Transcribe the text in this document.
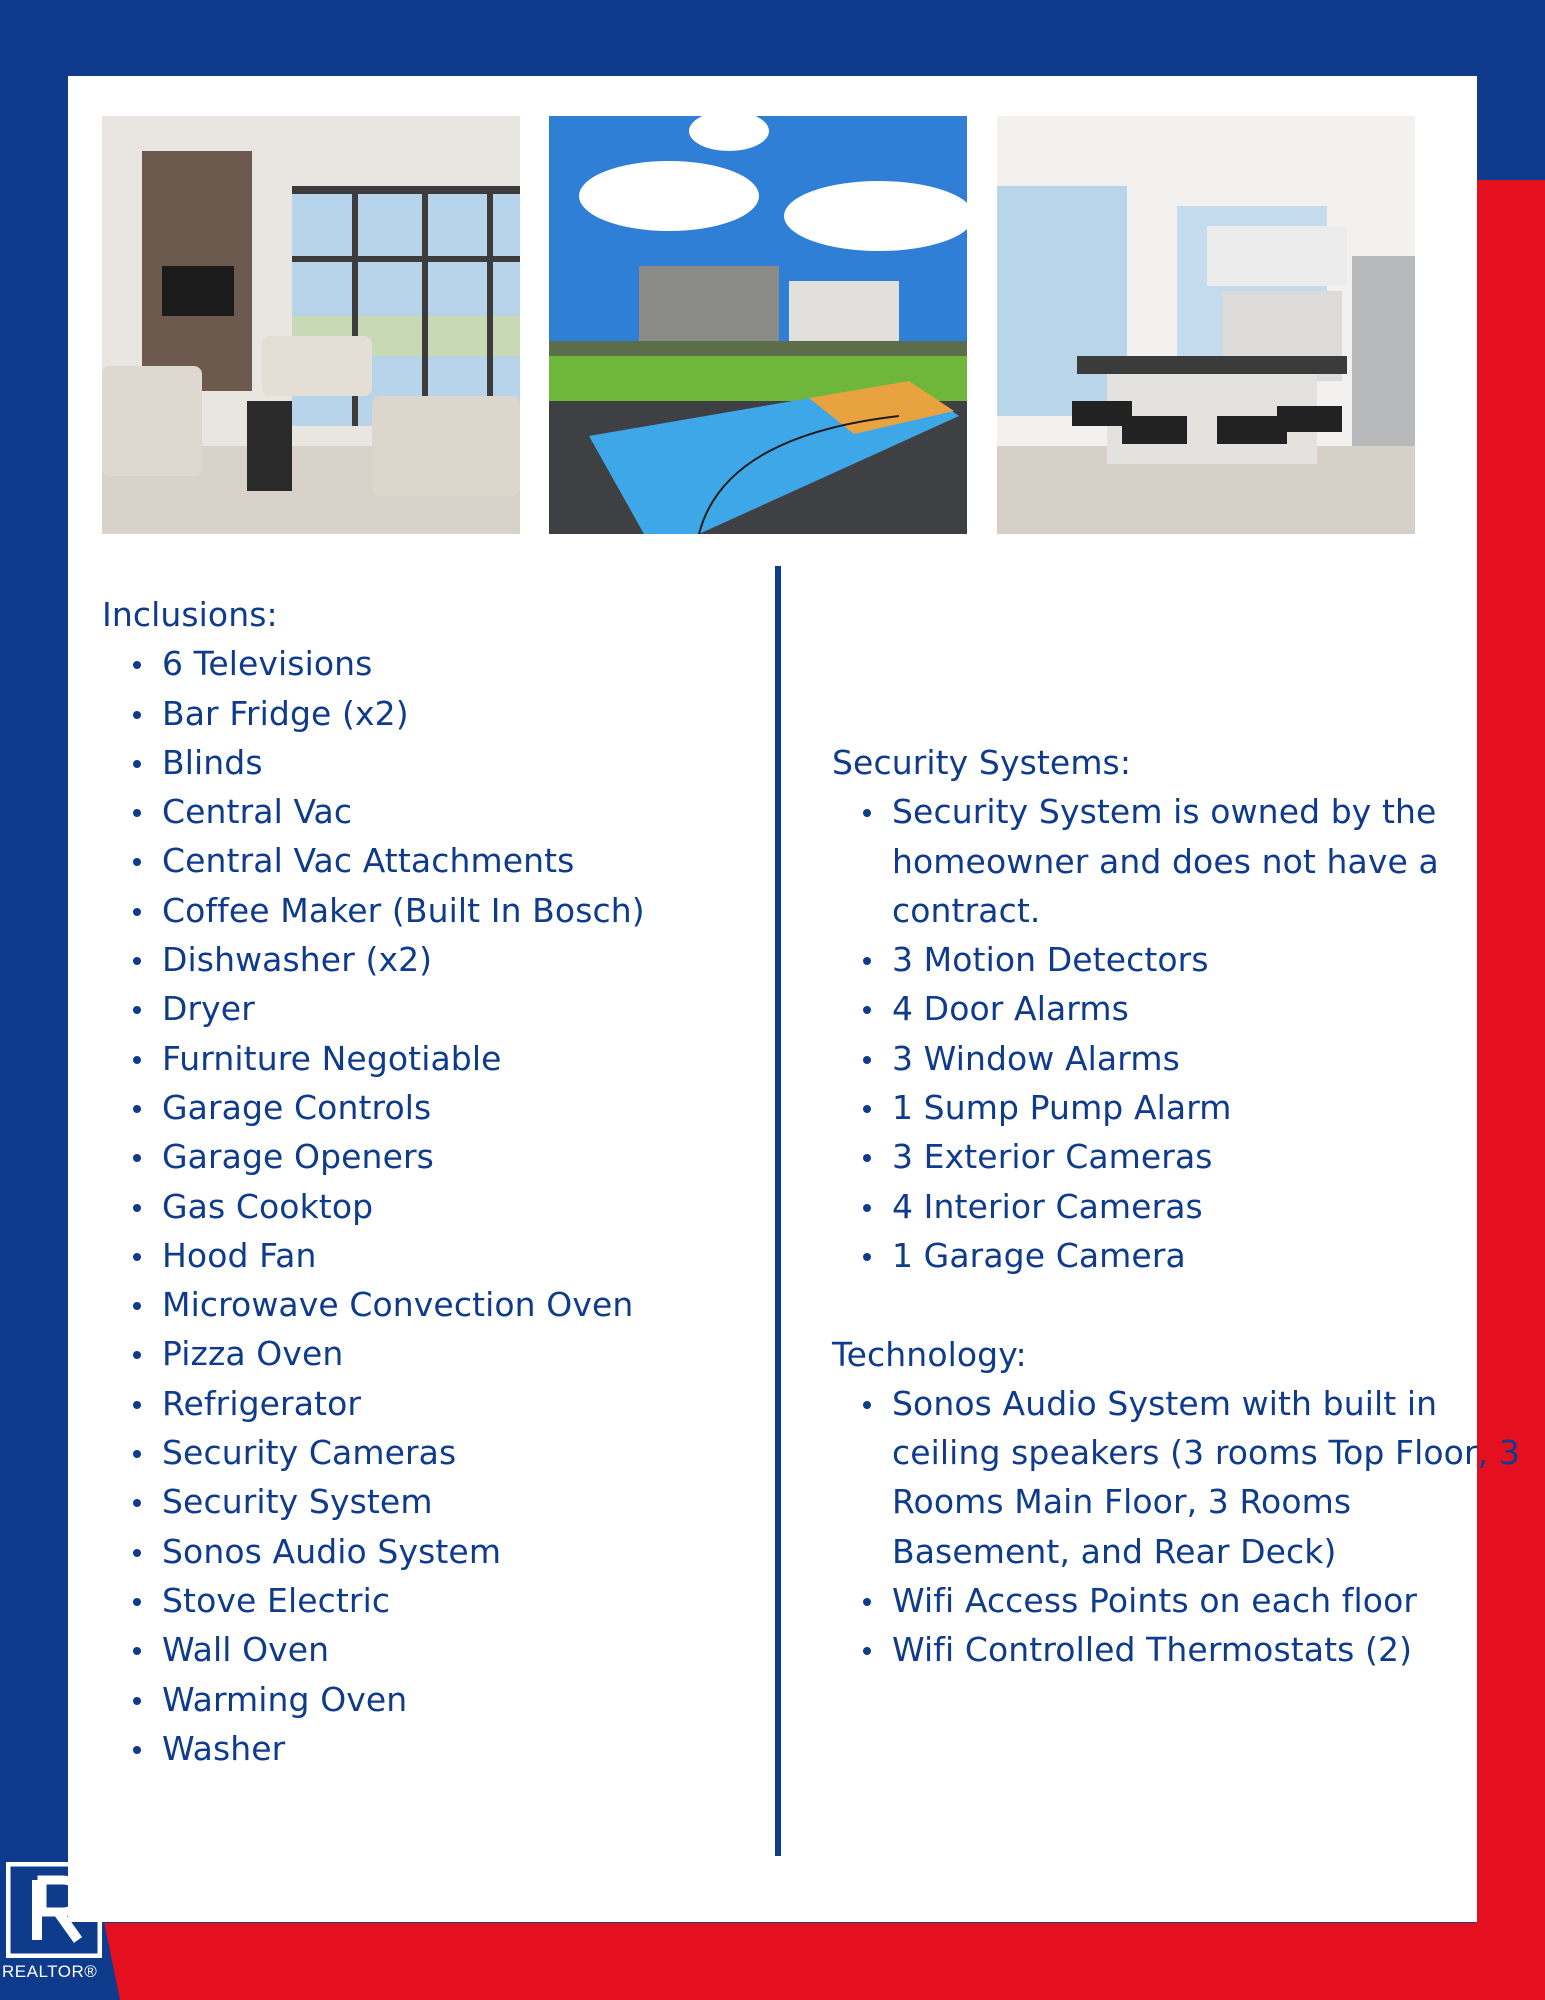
Inclusions:
6 Televisions
Bar Fridge (x2)
Blinds
Central Vac
Central Vac Attachments
Coffee Maker (Built In Bosch)
Dishwasher (x2)
Dryer
Furniture Negotiable
Garage Controls
Garage Openers
Gas Cooktop
Hood Fan
Microwave Convection Oven
Pizza Oven
Refrigerator
Security Cameras
Security System
Sonos Audio System
Stove Electric
Wall Oven
Warming Oven
Washer
Security Systems:
Security System is owned by the homeowner and does not have a contract.
3 Motion Detectors
4 Door Alarms
3 Window Alarms
1 Sump Pump Alarm
3 Exterior Cameras
4 Interior Cameras
1 Garage Camera
Technology:
Sonos Audio System with built in ceiling speakers (3 rooms Top Floor, 3 Rooms Main Floor, 3 Rooms Basement, and Rear Deck)
Wifi Access Points on each floor
Wifi Controlled Thermostats (2)
REALTOR®
